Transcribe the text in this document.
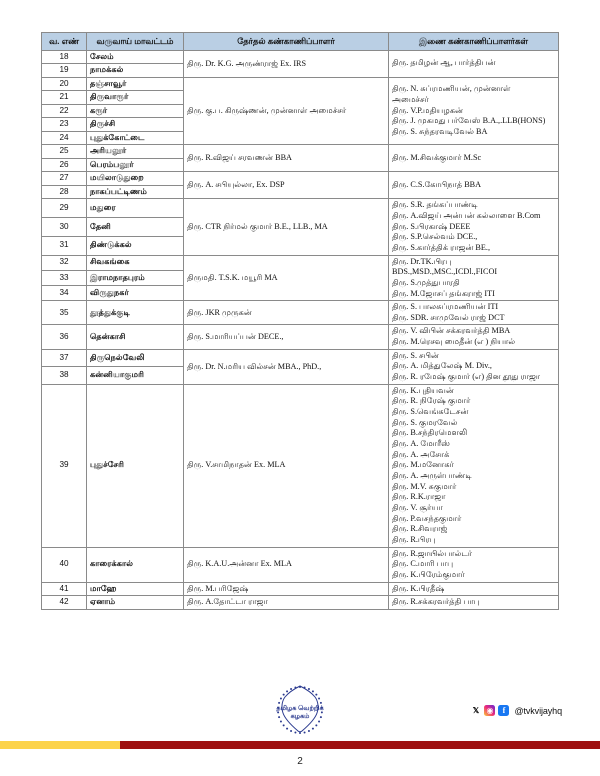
வ. எண்	வருவாய் மாவட்டம்	தேர்தல் கண்காணிப்பாளர்	இணை கண்காணிப்பாளர்கள்
18	சேலம்	திரு. Dr. K.G. அருண்ராஜ் Ex. IRS	திரு. தமிழன் ஆ, பார்த்திபன்

19	நாமக்கல்		
20	தஞ்சாவூர்	திரு. கு.ப. கிருஷ்ணன், முன்னாள் அமைச்சர்	திரு. N. சுப்ரமணியன், முன்னாள்
அமைச்சர்
திரு. V.P.மதியழகன்
திரு. J. முகமது பர்வேஸ் B.A.,.LLB(HONS)
திரு. S. சுந்தரவடிவேல் BA

21	திருவாரூர்		
22	கரூர்		
23	திருச்சி		
24	புதுக்கோட்டை		
25	அரியலூர்	திரு. R.விஜய் சரவணன் BBA	திரு. M.சிவக்குமார் M.Sc

26	பெரம்பலூர்		
27	மயிலாடுதுறை	திரு. A. சபியுல்லா, Ex. DSP	திரு. C.S.கோபிநாத் BBA

28	நாகப்பட்டிணம்		
29	மதுரை	திரு. CTR நிர்மல் குமார் B.E., LLB., MA	திரு. S.R. தங்கப்பாண்டி
திரு. A.விஜய் அன்பன் கல்லாளை B.Com
திரு. S.பிரகாஷ் DEEE
திரு. S.P.செல்வம் DCE.,
திரு. S.கார்த்திக் ராஜன் BE.,

30	தேனி		
31	திண்டுக்கல்		
32	சிவகங்கை	திருமதி. T.S.K. மயூரி MA	திரு. Dr.TK.பிரபு
BDS.,MSD.,MSC.,ICDl.,FICOI
திரு. S.முத்துபாரதி
திரு. M.ஜோசப் தங்கராஜ் ITI

33	இராமநாதபுரம்		
34	விருதுநகர்		
35	தூத்துக்குடி	திரு. JKR முருகன்	திரு. S. பாலசுப்ரமணியன் ITI
திரு. SDR. சாமுவேல் ராஜ் DCT

36	தென்காசி	திரு. S.மாரியப்பன் DECE.,	திரு. V. விபின் சக்கரவர்த்தி MBA
திரு. M.ரெசவு மைதீன் (எ ) நியால்

37	திருநெல்வேலி	திரு. Dr. N.மரிய வில்சன் MBA., PhD.,	திரு. S. சபின்
திரு. A. மித்துலேஷ் M. Div.,
திரு. R. ரமேஷ் குமார் (எ) தின தூது ராஜா

38	கன்னியாகுமரி		
39	புதுச்சேரி	திரு. V.சாமிநாதன் Ex. MLA	
திரு. K.புதியவன்
திரு. R. நிரேஷ் குமார்
திரு. S.வெங்கடேசன்
திரு. S. குமரவேல்
திரு. B.சந்திரமௌலி
திரு. A. மோரீஸ்
திரு. A. அசோக்
திரு. M.மனோகர்
திரு. A. அருள்பாண்டி
திரு. M.V. சுகுமார்
திரு. R.K.ராஜா
திரு. V. சூர்யா
திரு. P.வசந்தகுமார்
திரு. R.சிவராஜ்
திரு. R.பிரபு

40	காரைக்கால்	திரு. K.A.U.அன்னா Ex. MLA	திரு. R.ஜாயில்பால்டர்
திரு. C.மாரி பாபு
திரு. K.பிரேம்குமார்

41	மாஹே	திரு. M.பரிஜேஷ்	திரு. K.பிரதீஷ்

42	ஏனாம்	திரு. A.தோட்டா ராஜா	திரு. R.சக்கரவர்த்தி பாபு
தமிழக வெற்றிக்
கழகம்
𝕏 ◉	f	@tvkvijayhq
2
